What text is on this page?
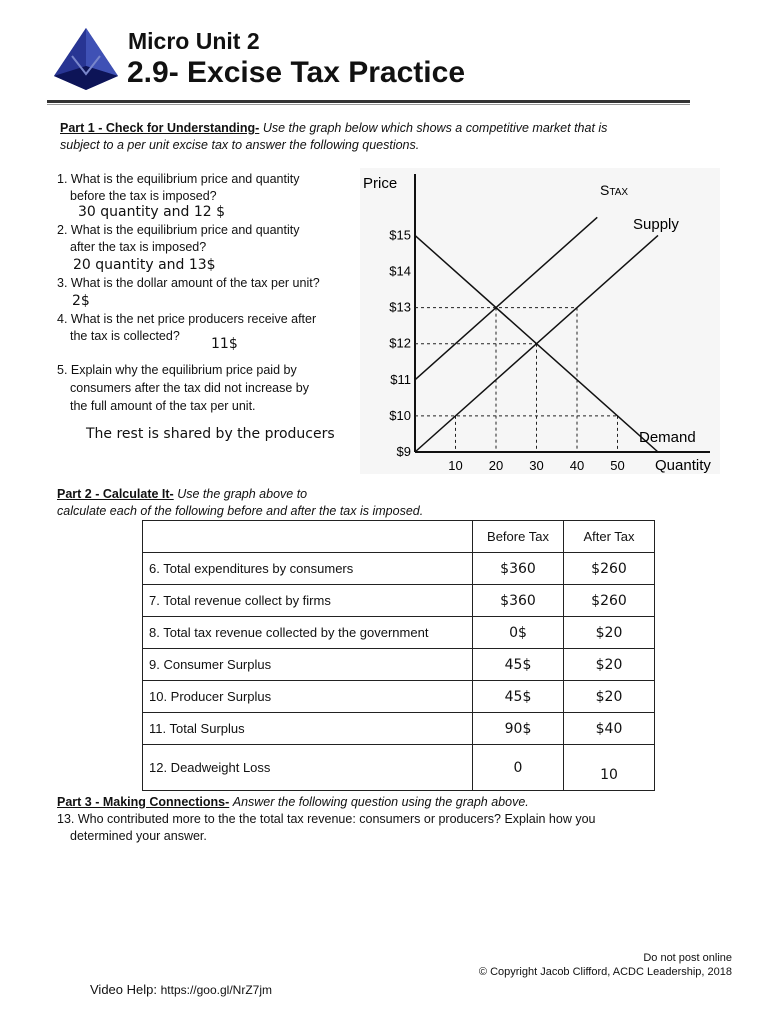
Micro Unit 2
2.9- Excise Tax Practice
Part 1 - Check for Understanding- Use the graph below which shows a competitive market that is
subject to a per unit excise tax to answer the following questions.
1. What is the equilibrium price and quantity
before the tax is imposed?
30 quantity and 12 $
2. What is the equilibrium price and quantity
after the tax is imposed?
20 quantity and 13$
3. What is the dollar amount of the tax per unit?
2$
4. What is the net price producers receive after
the tax is collected? 11$
5. Explain why the equilibrium price paid by
consumers after the tax did not increase by
the full amount of the tax per unit.
The rest is shared by the producers
$15
$14
$13
$12
$11
$10
$9
10 20 30 40 50
Price
Quantity
STAX
Supply
Demand
Part 2 - Calculate It- Use the graph above to
calculate each of the following before and after the tax is imposed.
	Before Tax	After Tax
6. Total expenditures by consumers	$360	$260
7. Total revenue collect by firms	$360	$260
8. Total tax revenue collected by the government	0$	$20
9. Consumer Surplus	45$	$20
10. Producer Surplus	45$	$20
11. Total Surplus	90$	$40
12. Deadweight Loss	0	10
Part 3 - Making Connections- Answer the following question using the graph above.
13. Who contributed more to the the total tax revenue: consumers or producers? Explain how you
determined your answer.
Do not post online
© Copyright Jacob Clifford, ACDC Leadership, 2018
Video Help: https://goo.gl/NrZ7jm
